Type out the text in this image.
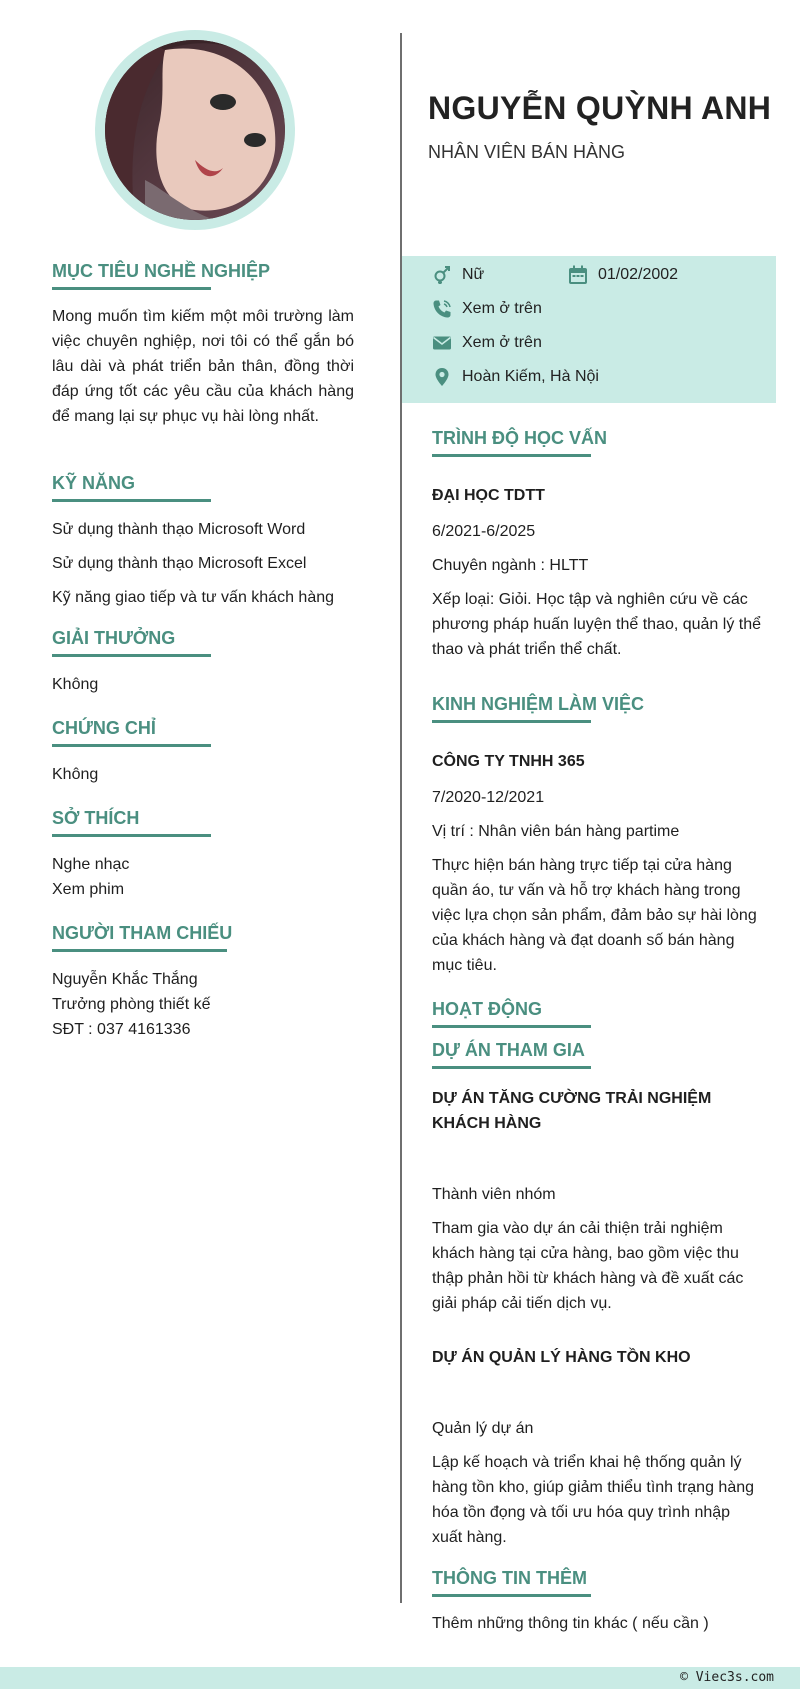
MỤC TIÊU NGHỀ NGHIỆP
Mong muốn tìm kiếm một môi trường làm việc chuyên nghiệp, nơi tôi có thể gắn bó lâu dài và phát triển bản thân, đồng thời đáp ứng tốt các yêu cầu của khách hàng để mang lại sự phục vụ hài lòng nhất.
KỸ NĂNG
Sử dụng thành thạo Microsoft Word
Sử dụng thành thạo Microsoft Excel
Kỹ năng giao tiếp và tư vấn khách hàng
GIẢI THƯỞNG
Không
CHỨNG CHỈ
Không
SỞ THÍCH
Nghe nhạc
Xem phim
NGƯỜI THAM CHIẾU
Nguyễn Khắc Thắng
Trưởng phòng thiết kế
SĐT : 037 4161336
NGUYỄN QUỲNH ANH
NHÂN VIÊN BÁN HÀNG
Nữ	01/02/2002
Xem ở trên
Xem ở trên
Hoàn Kiếm, Hà Nội
TRÌNH ĐỘ HỌC VẤN
ĐẠI HỌC TDTT
6/2021-6/2025
Chuyên ngành : HLTT
Xếp loại: Giỏi. Học tập và nghiên cứu về các phương pháp huấn luyện thể thao, quản lý thể thao và phát triển thể chất.
KINH NGHIỆM LÀM VIỆC
CÔNG TY TNHH 365
7/2020-12/2021
Vị trí : Nhân viên bán hàng partime
Thực hiện bán hàng trực tiếp tại cửa hàng quần áo, tư vấn và hỗ trợ khách hàng trong việc lựa chọn sản phẩm, đảm bảo sự hài lòng của khách hàng và đạt doanh số bán hàng mục tiêu.
HOẠT ĐỘNG
DỰ ÁN THAM GIA
DỰ ÁN TĂNG CƯỜNG TRẢI NGHIỆM KHÁCH HÀNG
Thành viên nhóm
Tham gia vào dự án cải thiện trải nghiệm khách hàng tại cửa hàng, bao gồm việc thu thập phản hồi từ khách hàng và đề xuất các giải pháp cải tiến dịch vụ.
DỰ ÁN QUẢN LÝ HÀNG TỒN KHO
Quản lý dự án
Lập kế hoạch và triển khai hệ thống quản lý hàng tồn kho, giúp giảm thiểu tình trạng hàng hóa tồn đọng và tối ưu hóa quy trình nhập xuất hàng.
THÔNG TIN THÊM
Thêm những thông tin khác ( nếu cần )
© Viec3s.com
